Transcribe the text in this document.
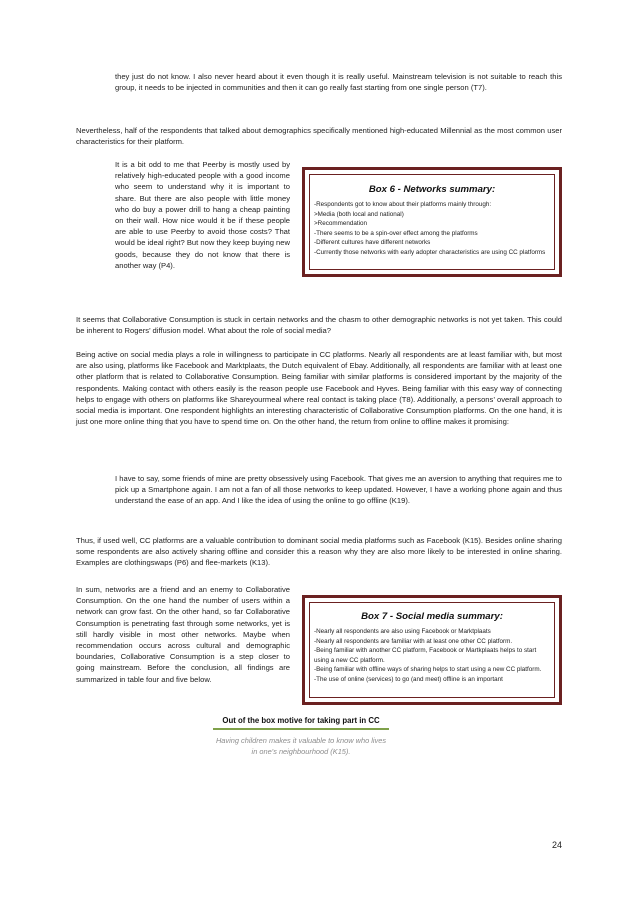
they just do not know. I also never heard about it even though it is really useful. Mainstream television is not suitable to reach this group, it needs to be injected in communities and then it can go really fast starting from one single person (T7).

Nevertheless, half of the respondents that talked about demographics specifically mentioned high-educated Millennial as the most common user characteristics for their platform.

It is a bit odd to me that Peerby is mostly used by relatively high-educated people with a good income who seem to understand why it is important to share. But there are also people with little money who do buy a power drill to hang a cheap painting on their wall. How nice would it be if these people are able to use Peerby to avoid those costs? That would be ideal right? But now they keep buying new goods, because they do not know that there is another way (P4).

Box 6 - Networks summary:
-Respondents got to know about their platforms mainly through:
>Media (both local and national)
>Recommendation
-There seems to be a spin-over effect among the platforms
-Different cultures have different networks
-Currently those networks with early adopter characteristics are using CC platforms

It seems that Collaborative Consumption is stuck in certain networks and the chasm to other demographic networks is not yet taken. This could be inherent to Rogers’ diffusion model. What about the role of social media?

Being active on social media plays a role in willingness to participate in CC platforms. Nearly all respondents are at least familiar with, but most are also using, platforms like Facebook and Marktplaats, the Dutch equivalent of Ebay. Additionally, all respondents are familiar with at least one other platform that is related to Collaborative Consumption. Being familiar with similar platforms is considered important by the majority of the respondents. Making contact with others easily is the reason people use Facebook and Hyves. Being familiar with this easy way of connecting helps to engage with others on platforms like Shareyourmeal where real contact is taking place (T8). Additionally, a persons’ overall approach to social media is important. One respondent highlights an interesting characteristic of Collaborative Consumption platforms. On the one hand, it is just one more online thing that you have to spend time on. On the other hand, the return from online to offline makes it promising:

I have to say, some friends of mine are pretty obsessively using Facebook. That gives me an aversion to anything that requires me to pick up a Smartphone again. I am not a fan of all those networks to keep updated. However, I have a working phone again and thus understand the ease of an app. And I like the idea of using the online to go offline (K19).

Thus, if used well, CC platforms are a valuable contribution to dominant social media platforms such as Facebook (K15). Besides online sharing some respondents are also actively sharing offline and consider this a reason why they are also more likely to be interested in online sharing. Examples are clothingswaps (P6) and flee-markets (K13).

In sum, networks are a friend and an enemy to Collaborative Consumption. On the one hand the number of users within a network can grow fast. On the other hand, so far Collaborative Consumption is penetrating fast through some networks, yet is still hardly visible in most other networks. Maybe when recommendation occurs across cultural and demographic boundaries, Collaborative Consumption is a step closer to going mainstream. Before the conclusion, all findings are summarized in table four and five below.

Box 7 - Social media summary:
-Nearly all respondents are also using Facebook or Marktplaats
-Nearly all respondents are familiar with at least one other CC platform.
-Being familiar with another CC platform, Facebook or Martkplaats helps to start using a new CC platform.
-Being familiar with offline ways of sharing helps to start using a new CC platform.
-The use of online (services) to go (and meet) offline is an important
Out of the box motive for taking part in CC
Having children makes it valuable to know who lives in one’s neighbourhood (K15).
24
